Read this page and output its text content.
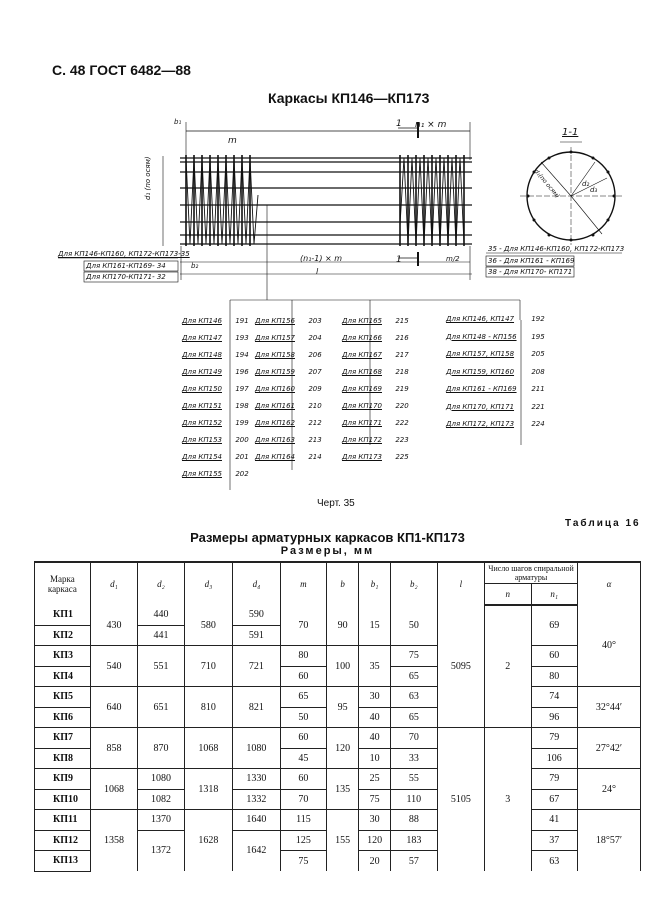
С. 48 ГОСТ 6482—88
Каркасы КП146—КП173
b₁
m
n₁ × m
d₁ (по осям)
b₂
(n₁-1) × m
l
m/2
1
1
1-1
d₁(по осям)	d₂
d₃
Для КП146-КП160, КП172-КП173-35
Для КП161-КП169- 34
Для КП170-КП171- 32
35 - Для КП146-КП160, КП172-КП173
36 - Для КП161 - КП169
38 - Для КП170- КП171
Для КП146	191
Для КП147	193
Для КП148	194
Для КП149	196
Для КП150	197
Для КП151	198
Для КП152	199
Для КП153	200
Для КП154	201
Для КП155	202
Для КП156	203
Для КП157	204
Для КП158	206
Для КП159	207
Для КП160	209
Для КП161	210
Для КП162	212
Для КП163	213
Для КП164	214
Для КП165	215
Для КП166	216
Для КП167	217
Для КП168	218
Для КП169	219
Для КП170	220
Для КП171	222
Для КП172	223
Для КП173	225
Для КП146, КП147	192
Для КП148 - КП156	195
Для КП157, КП158	205
Для КП159, КП160	208
Для КП161 - КП169	211
Для КП170, КП171	221
Для КП172, КП173	224
Черт. 35
Таблица 16
Размеры арматурных каркасов КП1-КП173
Размеры, мм
Марка каркаса	d₁	d₂	d₃	d₄	m	b	b₁	b₂	l	Число шагов спиральной арматуры		α
										n	n₁	
КП1	430	440	580	590	70	90	15	50	5095	2	69	40°
КП2		441		591								
КП3	540	551	710	721	80	100	35	75			60	
КП4					60			65			80	
КП5	640	651	810	821	65	95	30	63			74	32°44′
КП6					50		40	65			96	
КП7	858	870	1068	1080	60	120	40	70	5105	3	79	27°42′
КП8					45		10	33			106	
КП9	1068	1080	1318	1330	60	135	25	55			79	24°
КП10		1082		1332	70		75	110			67	
КП11	1358	1370	1628	1640	115	155	30	88			41	18°57′
КП12		1372		1642	125		120	183			37	
КП13					75		20	57			63	
